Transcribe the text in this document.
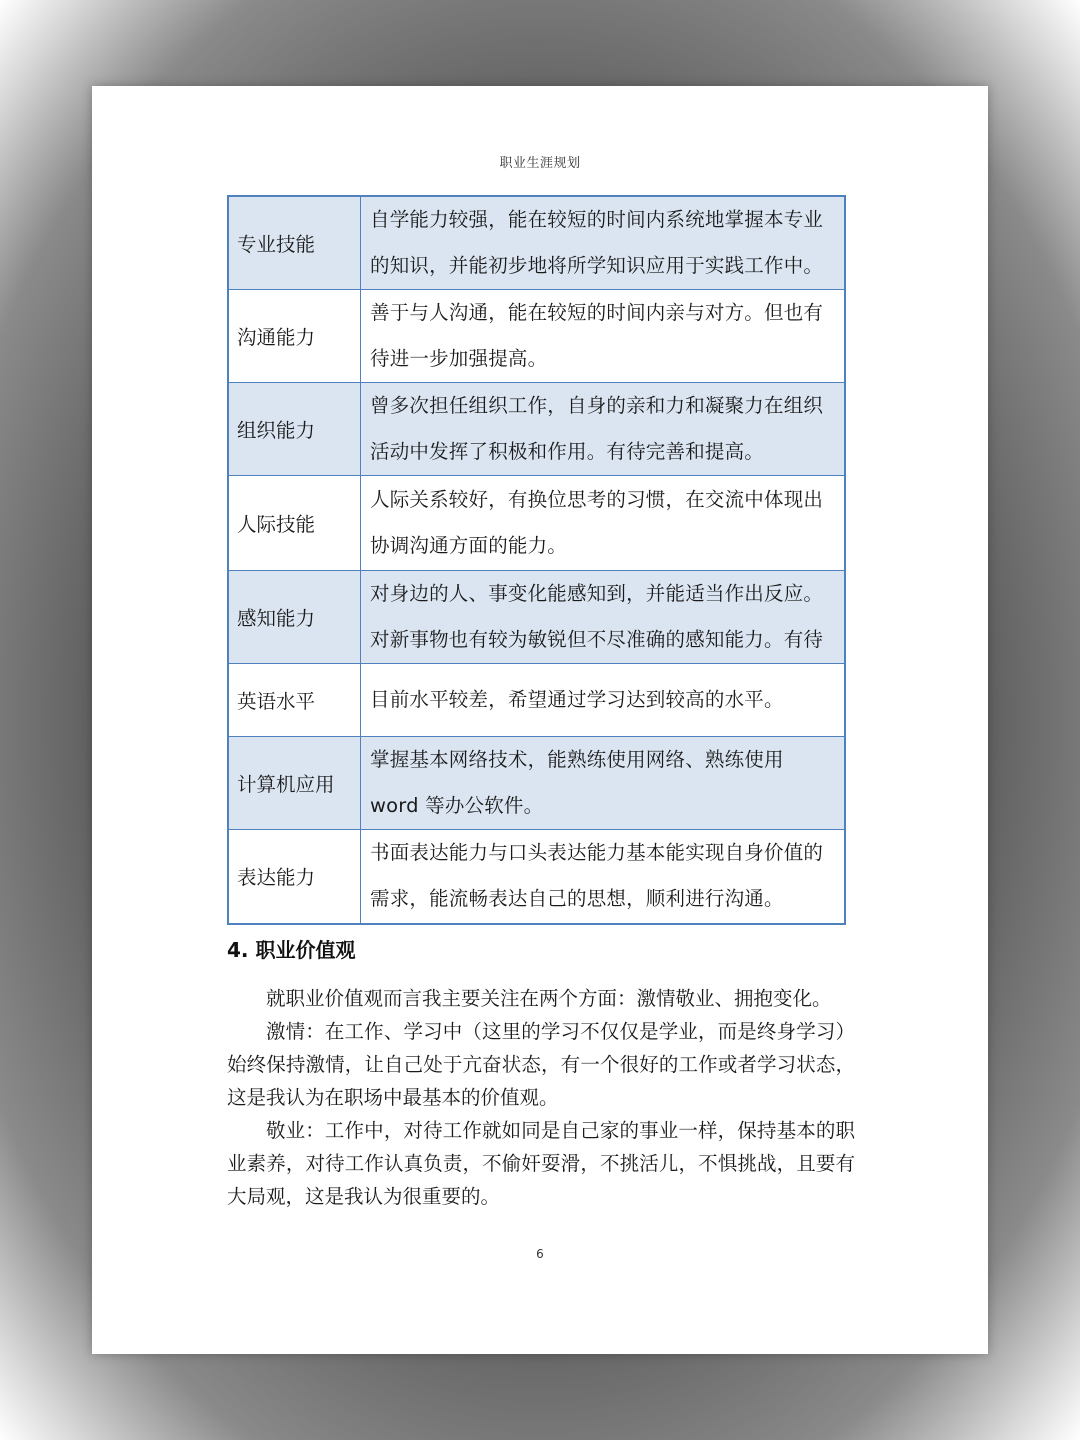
职业生涯规划
专业技能	自学能力较强，能在较短的时间内系统地掌握本专业的知识，并能初步地将所学知识应用于实践工作中。
沟通能力	善于与人沟通，能在较短的时间内亲与对方。但也有待进一步加强提高。
组织能力	曾多次担任组织工作，自身的亲和力和凝聚力在组织活动中发挥了积极和作用。有待完善和提高。
人际技能	人际关系较好，有换位思考的习惯，在交流中体现出协调沟通方面的能力。
感知能力	对身边的人、事变化能感知到，并能适当作出反应。对新事物也有较为敏锐但不尽准确的感知能力。有待
英语水平	目前水平较差，希望通过学习达到较高的水平。
计算机应用	掌握基本网络技术，能熟练使用网络、熟练使用 word 等办公软件。
表达能力	书面表达能力与口头表达能力基本能实现自身价值的需求，能流畅表达自己的思想，顺利进行沟通。
4. 职业价值观

就职业价值观而言我主要关注在两个方面：激情敬业、拥抱变化。

激情：在工作、学习中（这里的学习不仅仅是学业，而是终身学习）始终保持激情，让自己处于亢奋状态，有一个很好的工作或者学习状态，这是我认为在职场中最基本的价值观。

敬业：工作中，对待工作就如同是自己家的事业一样，保持基本的职业素养，对待工作认真负责，不偷奸耍滑，不挑活儿，不惧挑战，且要有大局观，这是我认为很重要的。

6
